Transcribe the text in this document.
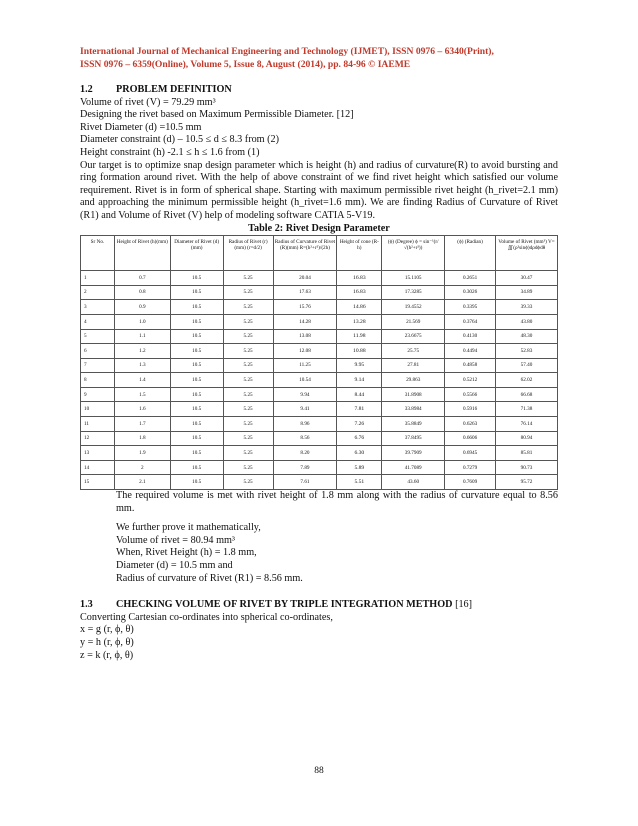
International Journal of Mechanical Engineering and Technology (IJMET), ISSN 0976 – 6340(Print),
ISSN 0976 – 6359(Online), Volume 5, Issue 8, August (2014), pp. 84-96 © IAEME

1.2 PROBLEM DEFINITION

Volume of rivet (V) = 79.29 mm³

Designing the rivet based on Maximum Permissible Diameter. [12]

Rivet Diameter (d) =10.5 mm

Diameter constraint (d) – 10.5 ≤ d ≤ 8.3 from (2)

Height constraint (h) -2.1 ≤ h ≤ 1.6 from (1)

Our target is to optimize snap design parameter which is height (h) and radius of curvature(R) to avoid bursting and ring formation around rivet. With the help of above constraint of we find rivet height which satisfied our volume requirement. Rivet is in form of spherical shape. Starting with maximum permissible rivet height (h_rivet=2.1 mm) and approaching the minimum permissible height (h_rivet=1.6 mm). We are finding Radius of Curvature of Rivet (R1) and Volume of Rivet (V) help of modeling software CATIA 5-V19.

Table 2: Rivet Design Parameter

Sr No.	Height of Rivet (h)(mm)	Diameter of Rivet (d)(mm)	Radius of Rivet (r)(mm) (r=d/2)	Radius of Curvature of Rivet (R)(mm) R=(h²+r²)/(2h)	Height of cone (R-h)	(ϕ) (Degree) ϕ = sin⁻¹(r/√(h²+r²))	(ϕ) (Radian)	Volume of Rivet (mm³) V= ∭(ρ²sinϕ)dρdϕdθ
1	0.7	10.5	5.25	20.04	16.83	15.1105	0.2651	30.47
2	0.8	10.5	5.25	17.63	16.83	17.3285	0.3026	34.89
3	0.9	10.5	5.25	15.76	14.86	19.4552	0.3395	39.33
4	1.0	10.5	5.25	14.28	13.28	21.569	0.3764	43.80
5	1.1	10.5	5.25	13.08	11.98	23.6675	0.4130	48.30
6	1.2	10.5	5.25	12.08	10.88	25.75	0.4494	52.83
7	1.3	10.5	5.25	11.25	9.95	27.81	0.4858	57.40
8	1.4	10.5	5.25	10.54	9.14	29.863	0.5212	62.02
9	1.5	10.5	5.25	9.94	8.44	31.8908	0.5566	66.68
10	1.6	10.5	5.25	9.41	7.81	33.8984	0.5916	71.38
11	1.7	10.5	5.25	8.96	7.26	35.8849	0.6263	76.14
12	1.8	10.5	5.25	8.56	6.76	37.8495	0.6606	80.94
13	1.9	10.5	5.25	8.20	6.30	39.7909	0.6945	85.81
14	2	10.5	5.25	7.89	5.89	41.7089	0.7279	90.73
15	2.1	10.5	5.25	7.61	5.51	43.60	0.7609	95.72

The required volume is met with rivet height of 1.8 mm along with the radius of curvature equal to 8.56 mm.

We further prove it mathematically,

Volume of rivet = 80.94 mm³

When, Rivet Height (h) = 1.8 mm,

Diameter (d) = 10.5 mm and

Radius of curvature of Rivet (R1) = 8.56 mm.

1.3 CHECKING VOLUME OF RIVET BY TRIPLE INTEGRATION METHOD [16]

Converting Cartesian co-ordinates into spherical co-ordinates,

x = g (r, ϕ, θ)

y = h (r, ϕ, θ)

z = k (r, ϕ, θ)

88
